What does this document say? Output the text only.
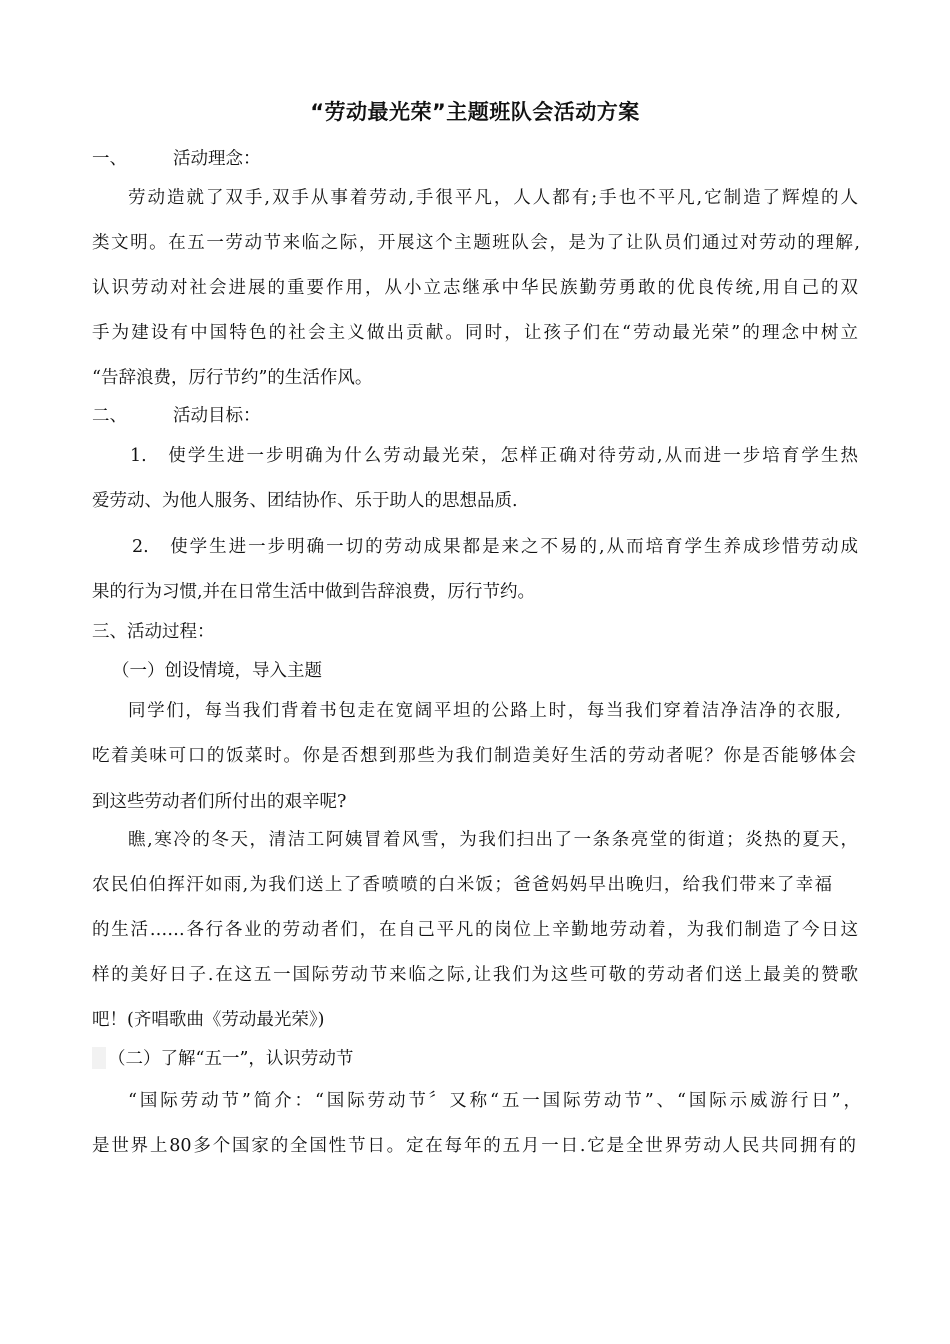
“劳动最光荣”主题班队会活动方案
一、	活动理念：
劳动造就了双手,双手从事着劳动,手很平凡，人人都有;手也不平凡,它制造了辉煌的人
类文明。在五一劳动节来临之际，开展这个主题班队会，是为了让队员们通过对劳动的理解,
认识劳动对社会进展的重要作用，从小立志继承中华民族勤劳勇敢的优良传统,用自己的双
手为建设有中国特色的社会主义做出贡献。同时，让孩子们在“劳动最光荣”的理念中树立
“告辞浪费，厉行节约”的生活作风。
二、	活动目标：
1.　使学生进一步明确为什么劳动最光荣，怎样正确对待劳动,从而进一步培育学生热
爱劳动、为他人服务、团结协作、乐于助人的思想品质.
2.　使学生进一步明确一切的劳动成果都是来之不易的,从而培育学生养成珍惜劳动成
果的行为习惯,并在日常生活中做到告辞浪费，厉行节约。
三、活动过程：
（一）创设情境，导入主题
同学们，每当我们背着书包走在宽阔平坦的公路上时，每当我们穿着洁净洁净的衣服,
吃着美味可口的饭菜时。你是否想到那些为我们制造美好生活的劳动者呢？你是否能够体会
到这些劳动者们所付出的艰辛呢?
瞧,寒冷的冬天，清洁工阿姨冒着风雪，为我们扫出了一条条亮堂的街道；炎热的夏天，
农民伯伯挥汗如雨,为我们送上了香喷喷的白米饭；爸爸妈妈早出晚归，给我们带来了幸福
的生活……各行各业的劳动者们，在自己平凡的岗位上辛勤地劳动着，为我们制造了今日这
样的美好日子.在这五一国际劳动节来临之际,让我们为这些可敬的劳动者们送上最美的赞歌
吧！(齐唱歌曲《劳动最光荣》)
（二）了解“五一”，认识劳动节
“国际劳动节”简介：“国际劳动节〞又称“五一国际劳动节”、“国际示威游行日”，
是世界上80多个国家的全国性节日。定在每年的五月一日.它是全世界劳动人民共同拥有的
